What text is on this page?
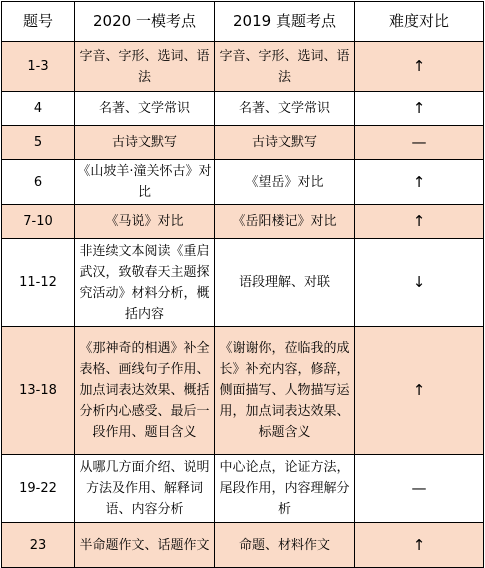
题号	2020 一模考点	2019 真题考点	难度对比
1-3	字音、字形、选词、语法	字音、字形、选词、语法	↑
4	名著、文学常识	名著、文学常识	↑
5	古诗文默写	古诗文默写	—
6	《山坡羊·潼关怀古》对比	《望岳》对比	↑
7-10	《马说》对比	《岳阳楼记》对比	↑
11-12	非连续文本阅读《重启武汉，致敬春天主题探究活动》材料分析，概括内容	语段理解、对联	↓
13-18	《那神奇的相遇》补全表格、画线句子作用、加点词表达效果、概括分析内心感受、最后一段作用、题目含义	《谢谢你，莅临我的成长》补充内容，修辞，侧面描写、人物描写运用，加点词表达效果、标题含义	↑
19-22	从哪几方面介绍、说明方法及作用、解释词语、内容分析	中心论点，论证方法，尾段作用，内容理解分析	—
23	半命题作文、话题作文	命题、材料作文	↑
